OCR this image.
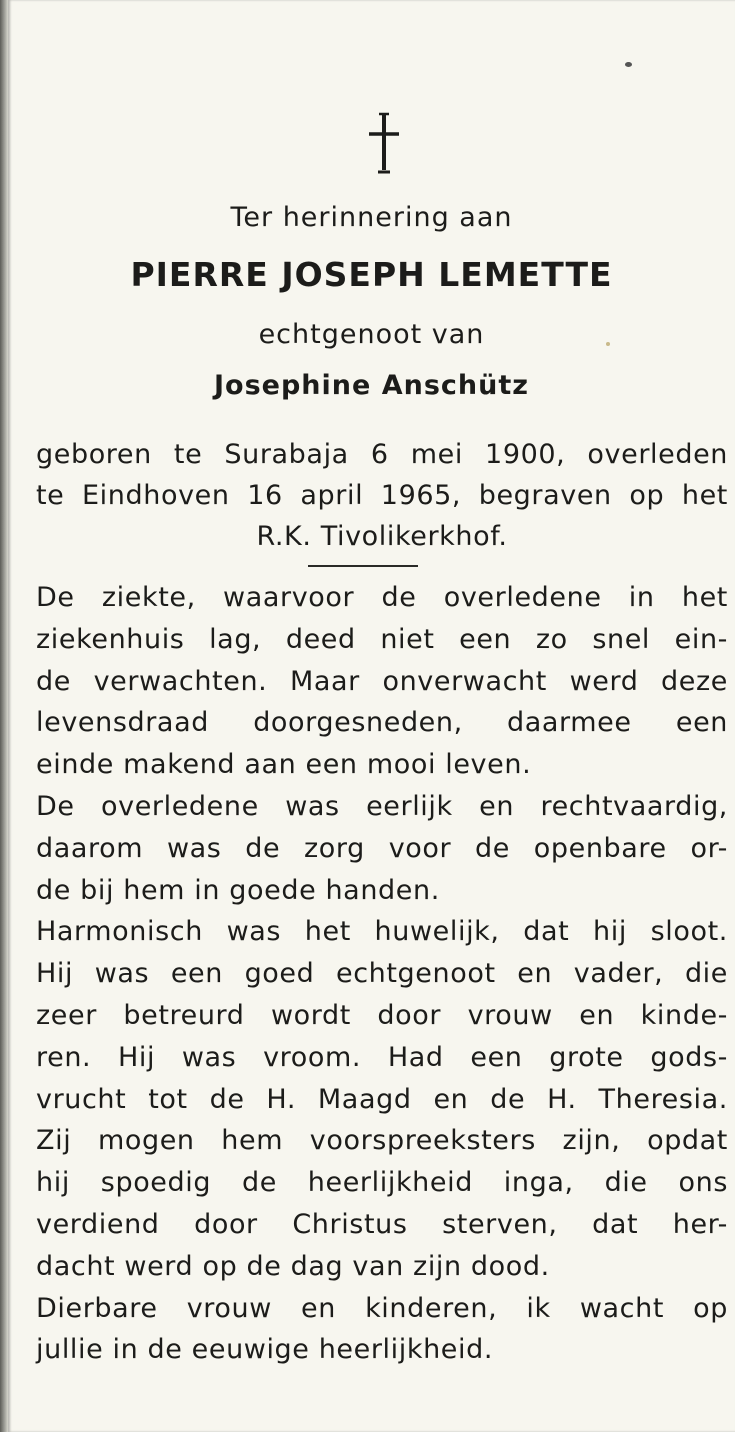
Ter herinnering aan
PIERRE JOSEPH LEMETTE
echtgenoot van
Josephine Anschütz
geboren te Surabaja 6 mei 1900, overleden
te Eindhoven 16 april 1965, begraven op het
R.K. Tivolikerkhof.
De ziekte, waarvoor de overledene in het
ziekenhuis lag, deed niet een zo snel ein-
de verwachten. Maar onverwacht werd deze
levensdraad doorgesneden, daarmee een
einde makend aan een mooi leven.
De overledene was eerlijk en rechtvaardig,
daarom was de zorg voor de openbare or-
de bij hem in goede handen.
Harmonisch was het huwelijk, dat hij sloot.
Hij was een goed echtgenoot en vader, die
zeer betreurd wordt door vrouw en kinde-
ren. Hij was vroom. Had een grote gods-
vrucht tot de H. Maagd en de H. Theresia.
Zij mogen hem voorspreeksters zijn, opdat
hij spoedig de heerlijkheid inga, die ons
verdiend door Christus sterven, dat her-
dacht werd op de dag van zijn dood.
Dierbare vrouw en kinderen, ik wacht op
jullie in de eeuwige heerlijkheid.
